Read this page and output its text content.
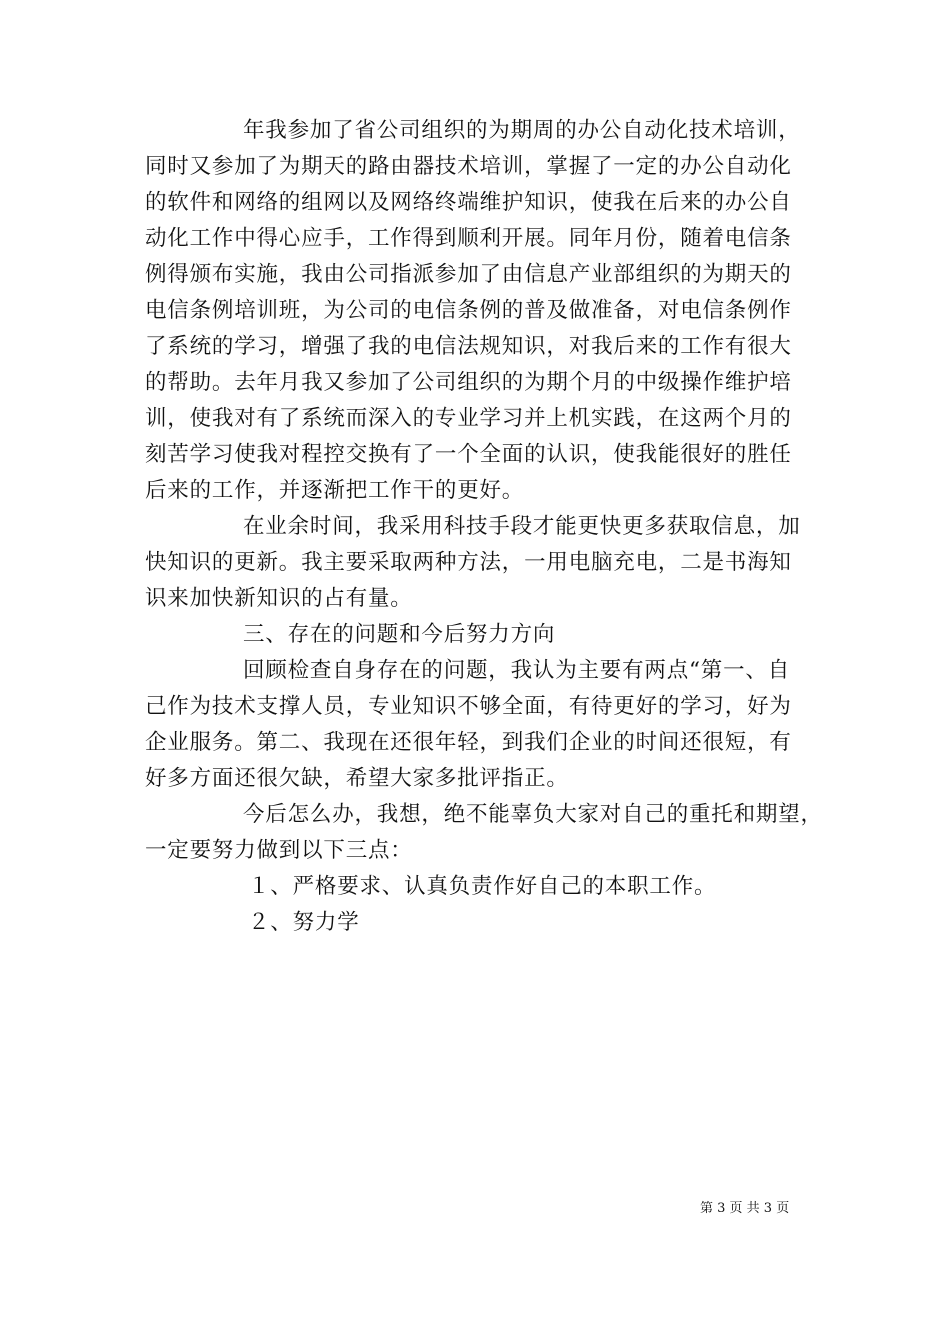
年我参加了省公司组织的为期周的办公自动化技术培训，
同时又参加了为期天的路由器技术培训，掌握了一定的办公自动化
的软件和网络的组网以及网络终端维护知识，使我在后来的办公自
动化工作中得心应手，工作得到顺利开展。同年月份，随着电信条
例得颁布实施，我由公司指派参加了由信息产业部组织的为期天的
电信条例培训班，为公司的电信条例的普及做准备，对电信条例作
了系统的学习，增强了我的电信法规知识，对我后来的工作有很大
的帮助。去年月我又参加了公司组织的为期个月的中级操作维护培
训，使我对有了系统而深入的专业学习并上机实践，在这两个月的
刻苦学习使我对程控交换有了一个全面的认识，使我能很好的胜任
后来的工作，并逐渐把工作干的更好。
在业余时间，我采用科技手段才能更快更多获取信息，加
快知识的更新。我主要采取两种方法，一用电脑充电，二是书海知
识来加快新知识的占有量。
三、存在的问题和今后努力方向
回顾检查自身存在的问题，我认为主要有两点“第一、自
己作为技术支撑人员，专业知识不够全面，有待更好的学习，好为
企业服务。第二、我现在还很年轻，到我们企业的时间还很短，有
好多方面还很欠缺，希望大家多批评指正。
今后怎么办，我想，绝不能辜负大家对自己的重托和期望，
一定要努力做到以下三点：
１、严格要求、认真负责作好自己的本职工作。
２、努力学
第 3 页 共 3 页
